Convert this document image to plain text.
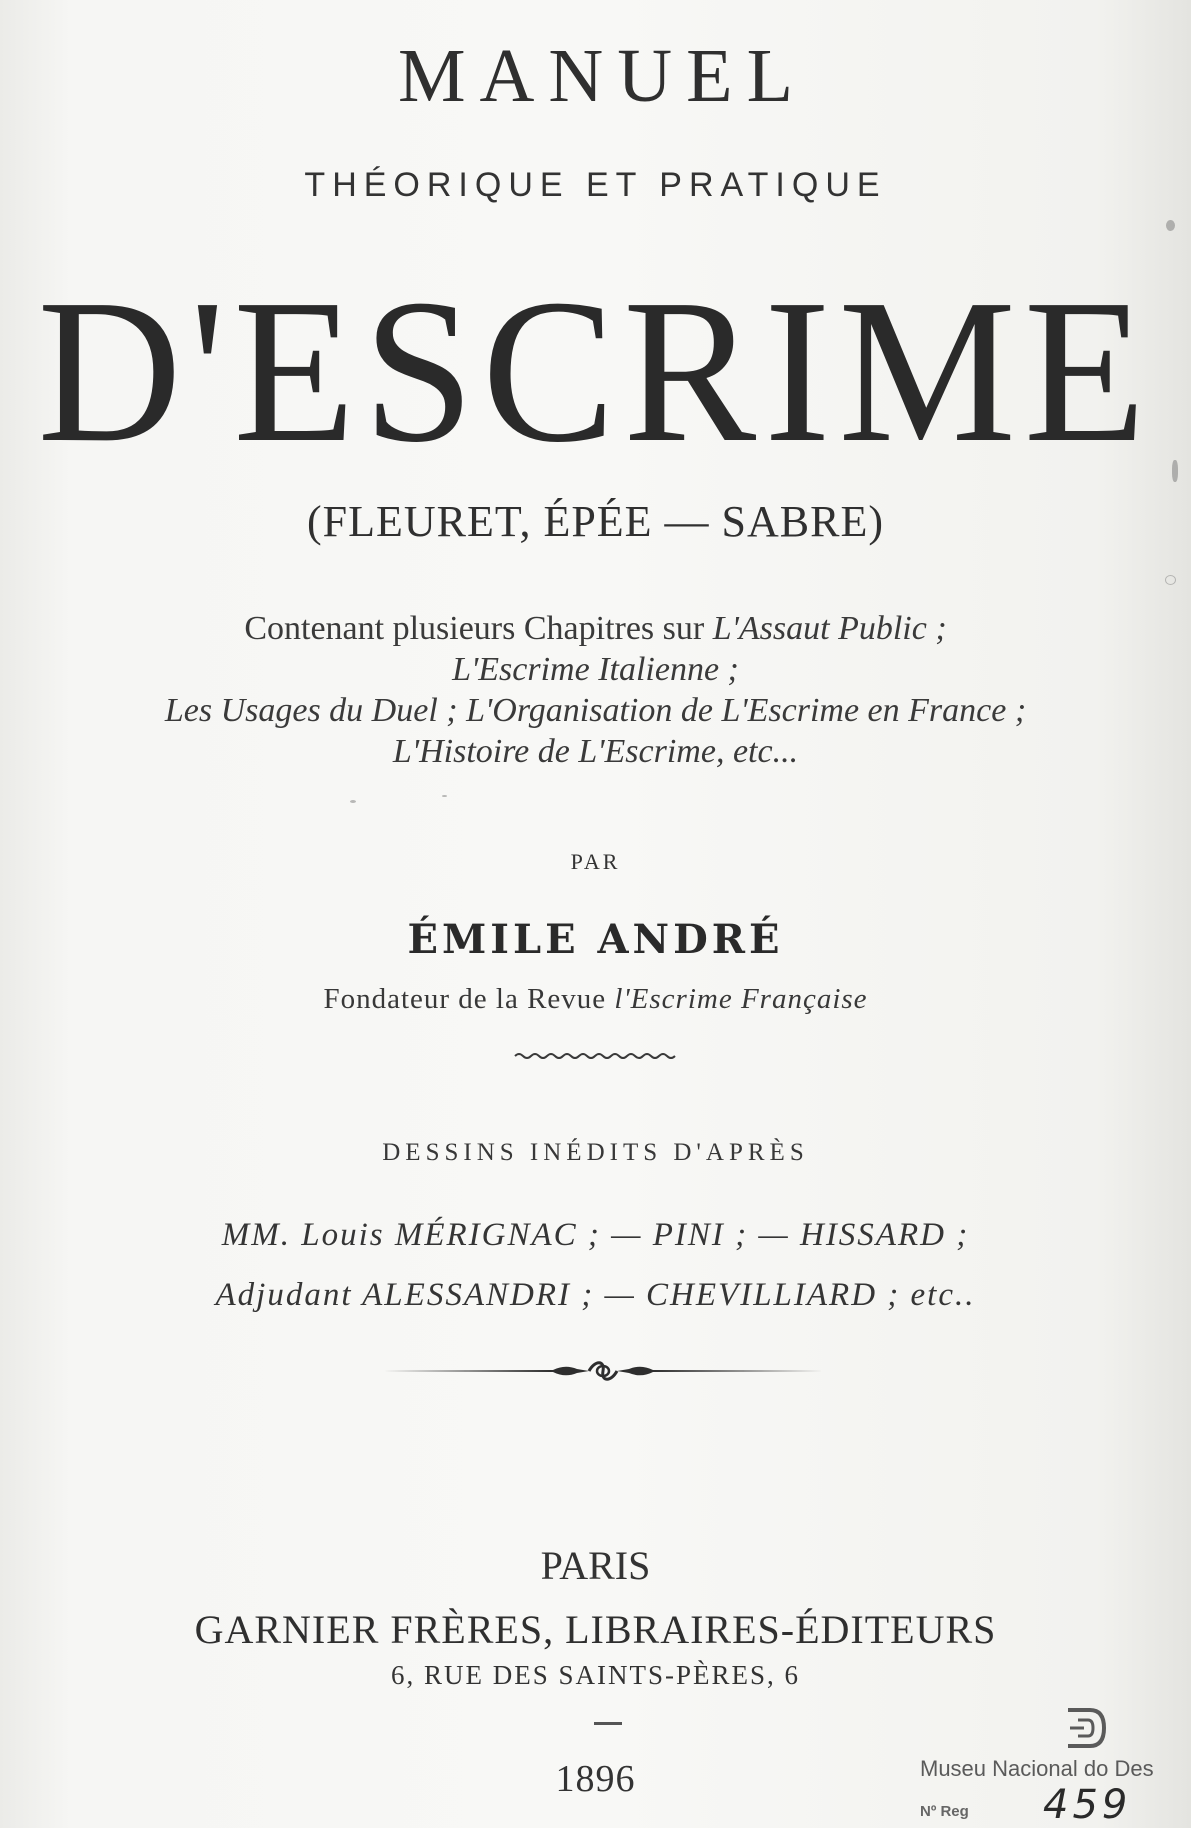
MANUEL
THÉORIQUE ET PRATIQUE
D'ESCRIME
(FLEURET, ÉPÉE — SABRE)
Contenant plusieurs Chapitres sur L'Assaut Public ;
L'Escrime Italienne ;
Les Usages du Duel ; L'Organisation de L'Escrime en France ;
L'Histoire de L'Escrime, etc...
PAR
ÉMILE ANDRÉ
Fondateur de la Revue l'Escrime Française
DESSINS INÉDITS D'APRÈS
MM. Louis MÉRIGNAC ; — PINI ; — HISSARD ;
Adjudant ALESSANDRI ; — CHEVILLIARD ; etc..
PARIS
GARNIER FRÈRES, LIBRAIRES-ÉDITEURS
6, RUE DES SAINTS-PÈRES, 6
1896	Museu Nacional do Des
Nº Reg 459
